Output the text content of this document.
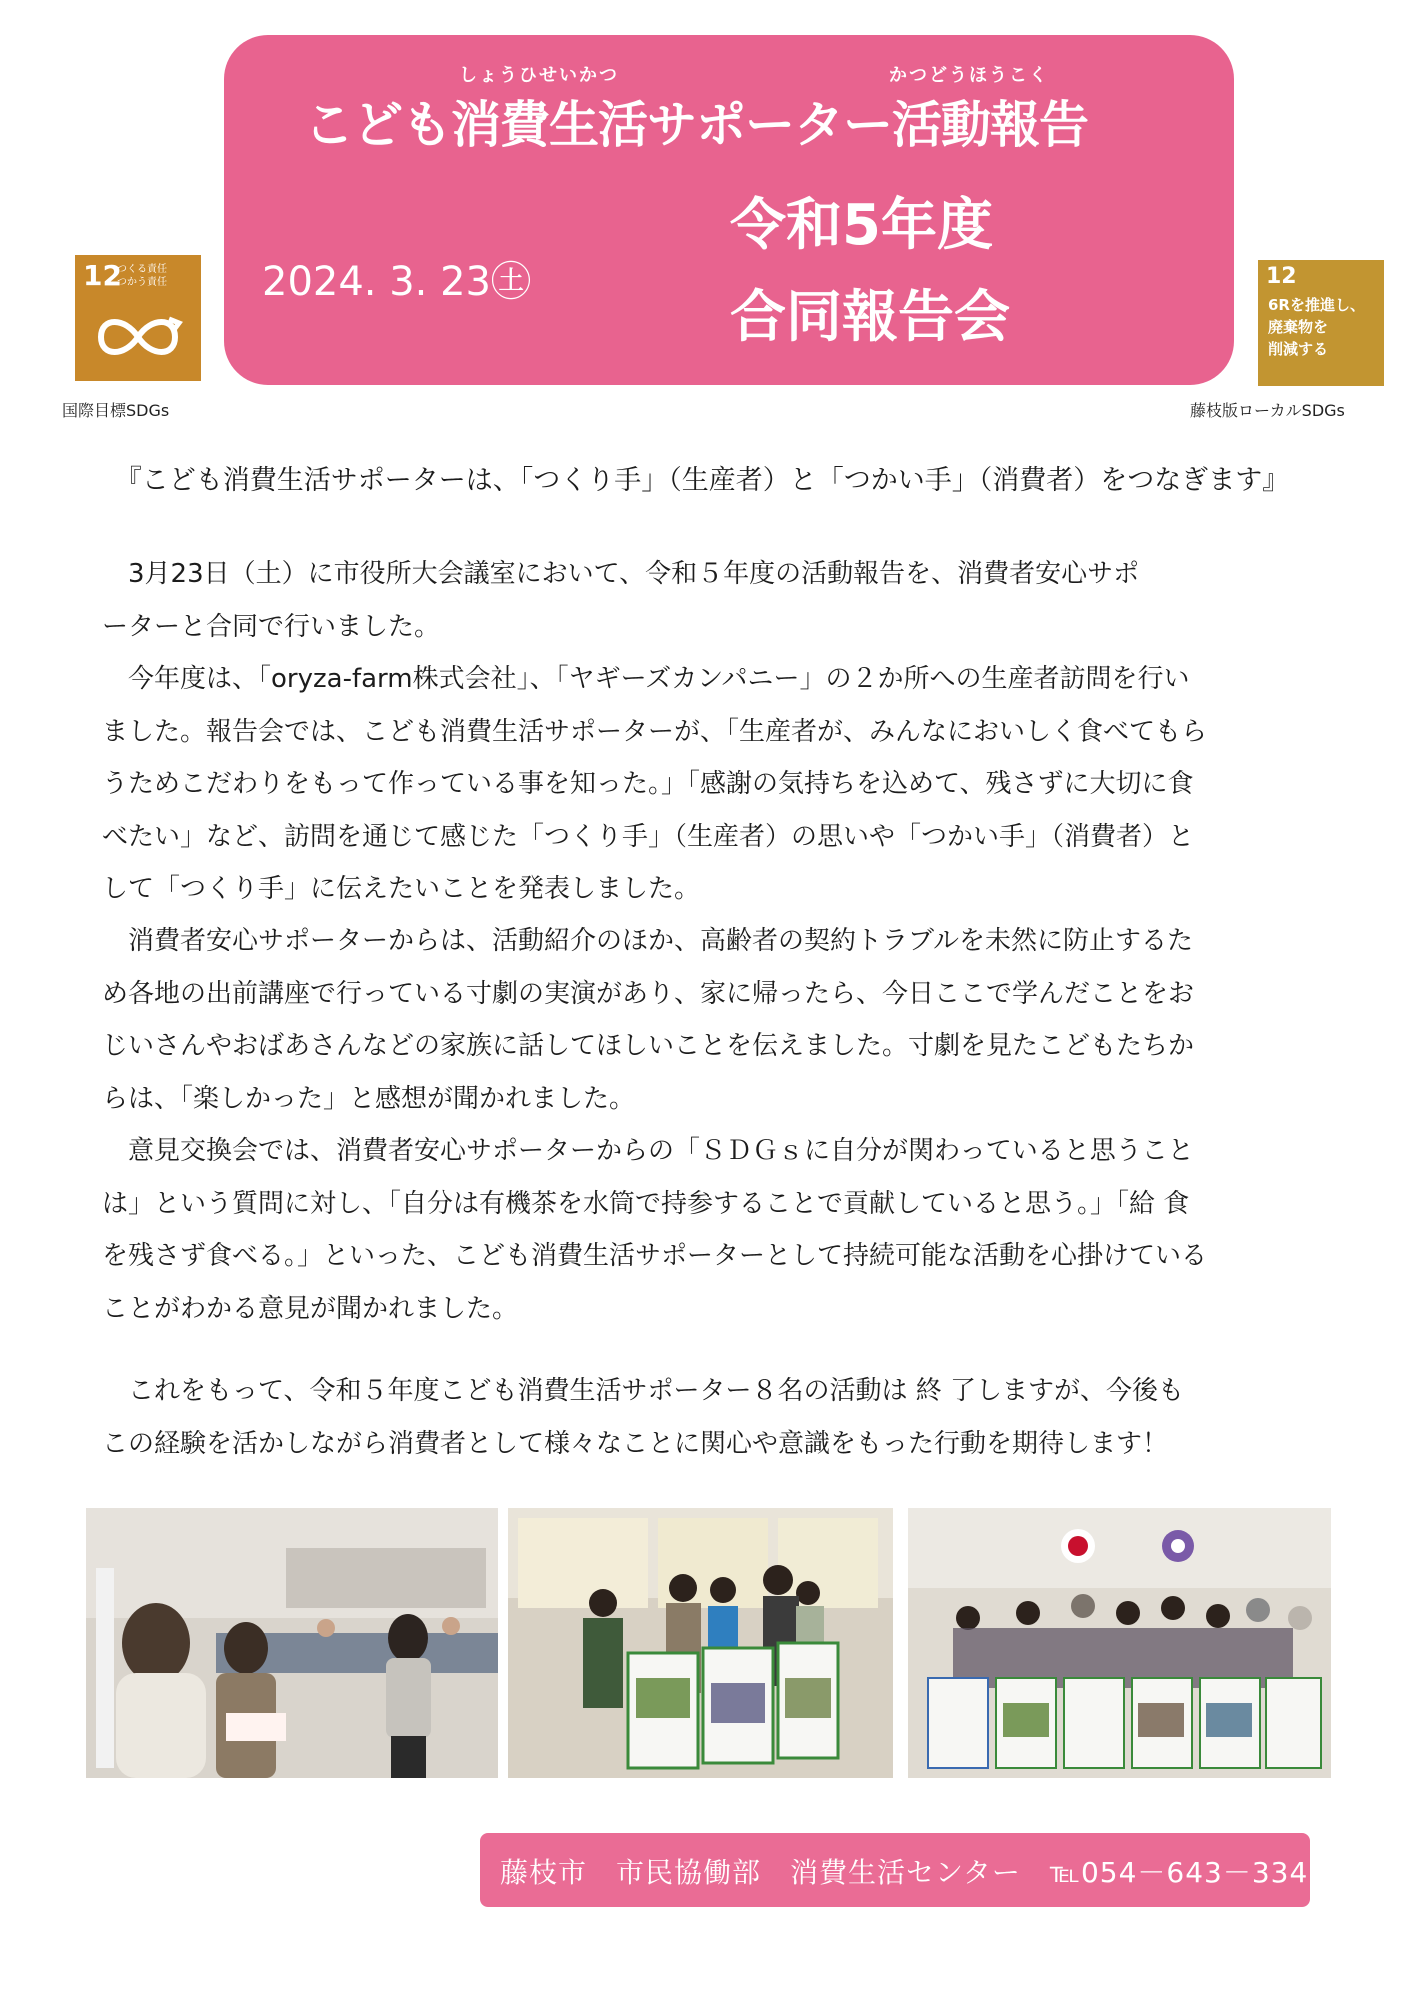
しょうひせいかつ	かつどうほうこく
こども消費生活サポーター活動報告
2024. 3. 23㊏
令和5年度
合同報告会
12
つくる責任
つかう責任
国際目標SDGs
12
6Rを推進し、
廃棄物を
削減する
藤枝版ローカルSDGs
『こども消費生活サポーターは、「つくり手」（生産者）と「つかい手」（消費者）をつなぎます』
　3月23日（土）に市役所大会議室において、令和５年度の活動報告を、消費者安心サポ
ーターと合同で行いました。
今年度は、「oryza-farm株式会社」、「ヤギーズカンパニー」の２か所への生産者訪問を行い
ました。報告会では、こども消費生活サポーターが、「生産者が、みんなにおいしく食べてもら
うためこだわりをもって作っている事を知った。」「感謝の気持ちを込めて、残さずに大切に食
べたい」など、訪問を通じて感じた「つくり手」（生産者）の思いや「つかい手」（消費者）と
して「つくり手」に伝えたいことを発表しました。
消費者安心サポーターからは、活動紹介のほか、高齢者の契約トラブルを未然に防止するた
め各地の出前講座で行っている寸劇の実演があり、家に帰ったら、今日ここで学んだことをお
じいさんやおばあさんなどの家族に話してほしいことを伝えました。寸劇を見たこどもたちか
らは、「楽しかった」と感想が聞かれました。
意見交換会では、消費者安心サポーターからの「ＳＤＧｓに自分が関わっていると思うこと
は」という質問に対し、「自分は有機茶を水筒で持参することで貢献していると思う。」「給 食
を残さず食べる。」といった、こども消費生活サポーターとして持続可能な活動を心掛けている
ことがわかる意見が聞かれました。
これをもって、令和５年度こども消費生活サポーター８名の活動は 終 了しますが、今後も
この経験を活かしながら消費者として様々なことに関心や意識をもった行動を期待します！
藤枝市　市民協働部　消費生活センター　℡054－643－3345
